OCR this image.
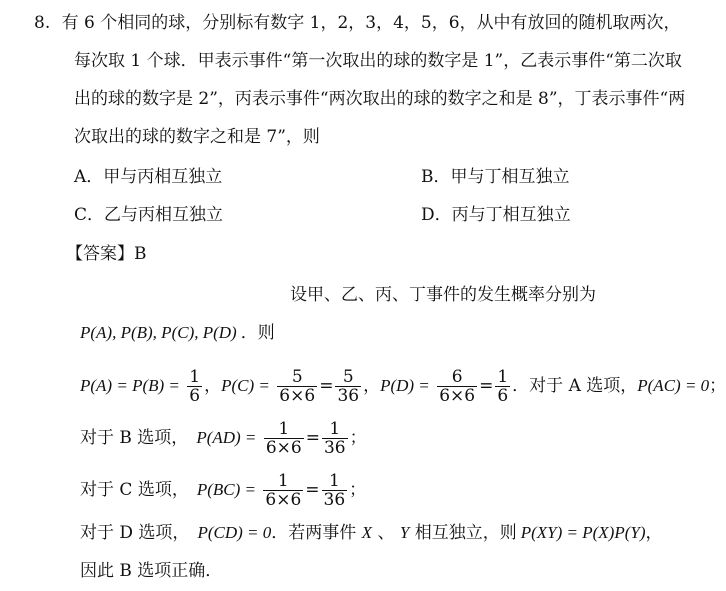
8. 有 6 个相同的球，分别标有数字 1，2，3，4，5，6，从中有放回的随机取两次，
每次取 1 个球．甲表示事件“第一次取出的球的数字是 1”，乙表示事件“第二次取
出的球的数字是 2”，丙表示事件“两次取出的球的数字之和是 8”，丁表示事件“两
次取出的球的数字之和是 7”，则
A．甲与丙相互独立	B．甲与丁相互独立
C．乙与丙相互独立	D．丙与丁相互独立
【答案】B
设甲、乙、丙、丁事件的发生概率分别为
P(A), P(B), P(C), P(D) ．则
$P(A) = P(B) = \frac{1}{6}$ ，$P(C) = \frac{5}{6\times 6} = \frac{5}{36}$ ，$P(D) = \frac{6}{6\times 6} = \frac{1}{6}$ ．对于 A 选项，P(AC) = 0；
对于 B 选项， $P(AD) = \frac{1}{6\times 6} = \frac{1}{36}$ ；
对于 C 选项， $P(BC) = \frac{1}{6\times 6} = \frac{1}{36}$ ；
对于 D 选项， P(CD) = 0．若两事件 X 、 Y 相互独立，则 P(XY) = P(X)P(Y)，
因此 B 选项正确．
